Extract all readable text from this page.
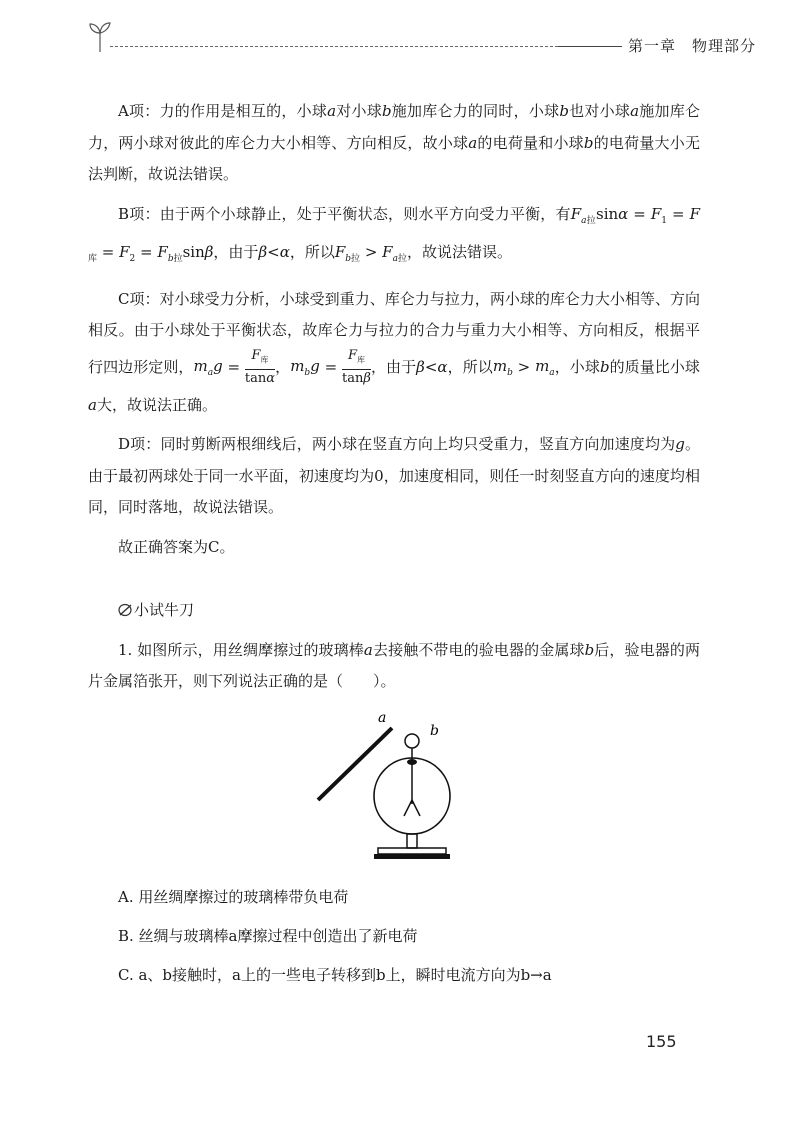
第一章　物理部分

A项：力的作用是相互的，小球a对小球b施加库仑力的同时，小球b也对小球a施加库仑力，两小球对彼此的库仑力大小相等、方向相反，故小球a的电荷量和小球b的电荷量大小无法判断，故说法错误。

B项：由于两个小球静止，处于平衡状态，则水平方向受力平衡，有$F_{a拉}\sin\alpha = F_1 = F_库 = F_2 = F_{b拉}\sin\beta$，由于β<α，所以$F_{b拉} > F_{a拉}$，故说法错误。

C项：对小球受力分析，小球受到重力、库仑力与拉力，两小球的库仑力大小相等、方向相反。由于小球处于平衡状态，故库仑力与拉力的合力与重力大小相等、方向相反，根据平行四边形定则，$m_ag$ =
$F_库$
tanα
，$m_bg$ =
$F_库$
tanβ
，由于β<α，所以$m_b > m_a$，小球b的质量比小球a大，故说法正确。

D项：同时剪断两根细线后，两小球在竖直方向上均只受重力，竖直方向加速度均为g。由于最初两球处于同一水平面，初速度均为0，加速度相同，则任一时刻竖直方向的速度均相同，同时落地，故说法错误。

故正确答案为C。

小试牛刀

1. 如图所示，用丝绸摩擦过的玻璃棒a去接触不带电的验电器的金属球b后，验电器的两片金属箔张开，则下列说法正确的是（　　）。

a
b

A. 用丝绸摩擦过的玻璃棒带负电荷

B. 丝绸与玻璃棒a摩擦过程中创造出了新电荷

C. a、b接触时，a上的一些电子转移到b上，瞬时电流方向为b→a

155
